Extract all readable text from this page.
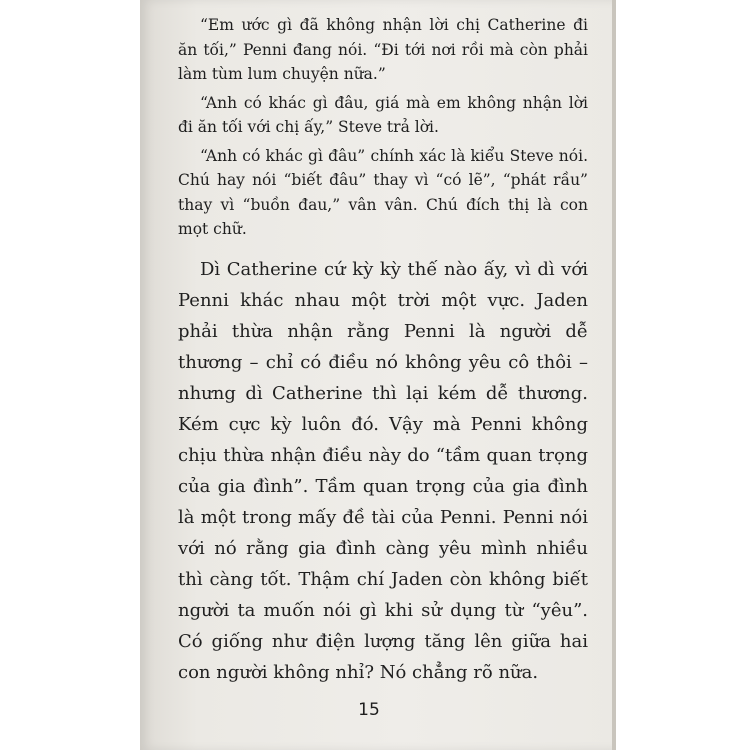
“Em ước gì đã không nhận lời chị Catherine đi ăn tối,” Penni đang nói. “Đi tới nơi rồi mà còn phải làm tùm lum chuyện nữa.”

“Anh có khác gì đâu, giá mà em không nhận lời đi ăn tối với chị ấy,” Steve trả lời.

“Anh có khác gì đâu” chính xác là kiểu Steve nói. Chú hay nói “biết đâu” thay vì “có lẽ”, “phát rầu” thay vì “buồn đau,” vân vân. Chú đích thị là con mọt chữ.

Dì Catherine cứ kỳ kỳ thế nào ấy, vì dì với Penni khác nhau một trời một vực. Jaden phải thừa nhận rằng Penni là người dễ thương – chỉ có điều nó không yêu cô thôi – nhưng dì Catherine thì lại kém dễ thương. Kém cực kỳ luôn đó. Vậy mà Penni không chịu thừa nhận điều này do “tầm quan trọng của gia đình”. Tầm quan trọng của gia đình là một trong mấy đề tài của Penni. Penni nói với nó rằng gia đình càng yêu mình nhiều thì càng tốt. Thậm chí Jaden còn không biết người ta muốn nói gì khi sử dụng từ “yêu”. Có giống như điện lượng tăng lên giữa hai con người không nhỉ? Nó chẳng rõ nữa.

15
